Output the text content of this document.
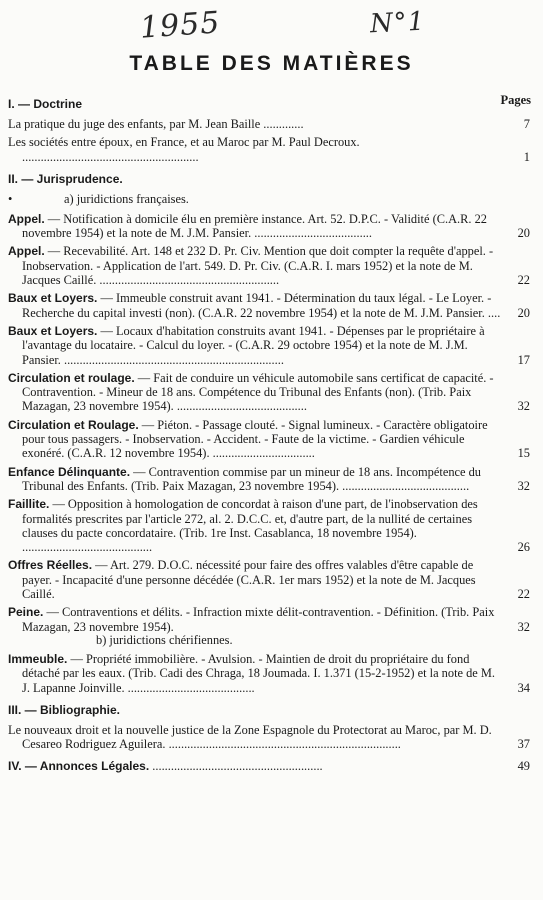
1955	N°1
TABLE DES MATIÈRES
Pages
I. — Doctrine
La pratique du juge des enfants, par M. Jean Baille .............	7
Les sociétés entre époux, en France, et au Maroc par M. Paul Decroux. .........................................................	1
II. — Jurisprudence.
•	a) juridictions françaises.
Appel. — Notification à domicile élu en première instance. Art. 52. D.P.C. - Validité (C.A.R. 22 novembre 1954) et la note de M. J.M. Pansier. ......................................	20
Appel. — Recevabilité. Art. 148 et 232 D. Pr. Civ. Mention que doit compter la requête d'appel. - Inobservation. - Application de l'art. 549. D. Pr. Civ. (C.A.R. I. mars 1952) et la note de M. Jacques Caillé. ..........................................................	22
Baux et Loyers. — Immeuble construit avant 1941. - Détermination du taux légal. - Le Loyer. - Recherche du capital investi (non). (C.A.R. 22 novembre 1954) et la note de M. J.M. Pansier. ....	20
Baux et Loyers. — Locaux d'habitation construits avant 1941. - Dépenses par le propriétaire à l'avantage du locataire. - Calcul du loyer. - (C.A.R. 29 octobre 1954) et la note de M. J.M. Pansier. .......................................................................	17
Circulation et roulage. — Fait de conduire un véhicule automobile sans certificat de capacité. - Contravention. - Mineur de 18 ans. Compétence du Tribunal des Enfants (non). (Trib. Paix Mazagan, 23 novembre 1954). ..........................................	32
Circulation et Roulage. — Piéton. - Passage clouté. - Signal lumineux. - Caractère obligatoire pour tous passagers. - Inobservation. - Accident. - Faute de la victime. - Gardien véhicule exonéré. (C.A.R. 12 novembre 1954). .................................	15
Enfance Délinquante. — Contravention commise par un mineur de 18 ans. Incompétence du Tribunal des Enfants. (Trib. Paix Mazagan, 23 novembre 1954). .........................................	32
Faillite. — Opposition à homologation de concordat à raison d'une part, de l'inobservation des formalités prescrites par l'article 272, al. 2. D.C.C. et, d'autre part, de la nullité de certaines clauses du pacte concordataire. (Trib. 1re Inst. Casablanca, 18 novembre 1954). ..........................................	26
Offres Réelles. — Art. 279. D.O.C. nécessité pour faire des offres valables d'être capable de payer. - Incapacité d'une personne décédée (C.A.R. 1er mars 1952) et la note de M. Jacques Caillé.	22
Peine. — Contraventions et délits. - Infraction mixte délit-contravention. - Définition. (Trib. Paix Mazagan, 23 novembre 1954).	32
b) juridictions chérifiennes.
Immeuble. — Propriété immobilière. - Avulsion. - Maintien de droit du propriétaire du fond détaché par les eaux. (Trib. Cadi des Chraga, 18 Joumada. I. 1.371 (15-2-1952) et la note de M. J. Lapanne Joinville. .........................................	34
III. — Bibliographie.
Le nouveaux droit et la nouvelle justice de la Zone Espagnole du Protectorat au Maroc, par M. D. Cesareo Rodriguez Aguilera. ...........................................................................	37
IV. — Annonces Légales. .......................................................	49
